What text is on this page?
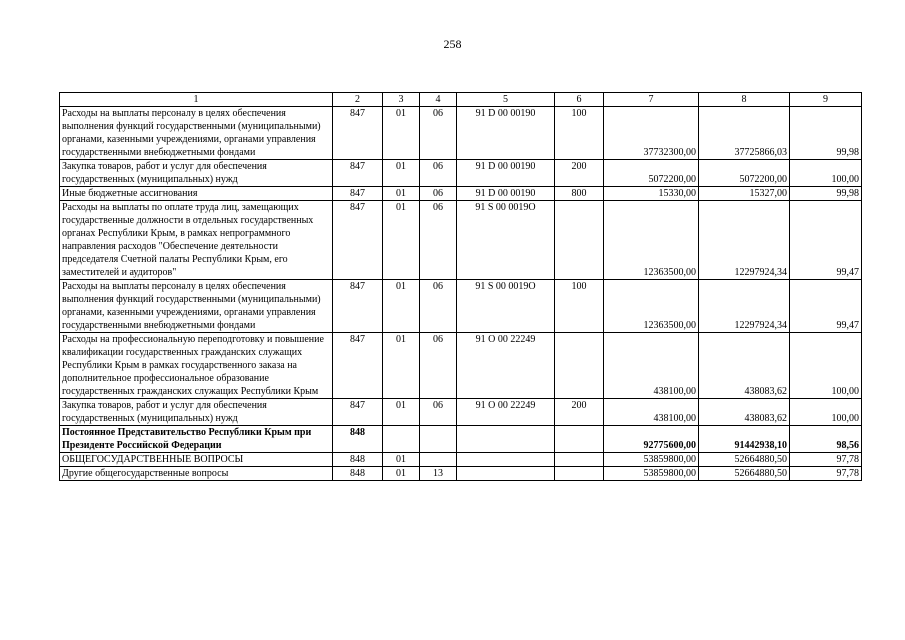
258
1	2	3	4	5	6	7	8	9
Расходы на выплаты персоналу в целях обеспечения выполнения функций государственными (муниципальными) органами, казенными учреждениями, органами управления государственными внебюджетными фондами	847	01	06	91 D 00 00190	100	37732300,00	37725866,03	99,98
Закупка товаров, работ и услуг для обеспечения государственных (муниципальных) нужд	847	01	06	91 D 00 00190	200	5072200,00	5072200,00	100,00
Иные бюджетные ассигнования	847	01	06	91 D 00 00190	800	15330,00	15327,00	99,98
Расходы на выплаты по оплате труда лиц, замещающих государственные должности в отдельных государственных органах Республики Крым, в рамках непрограммного направления расходов "Обеспечение деятельности председателя Счетной палаты Республики Крым, его заместителей и аудиторов"	847	01	06	91 S 00 0019О		12363500,00	12297924,34	99,47
Расходы на выплаты персоналу в целях обеспечения выполнения функций государственными (муниципальными) органами, казенными учреждениями, органами управления государственными внебюджетными фондами	847	01	06	91 S 00 0019О	100	12363500,00	12297924,34	99,47
Расходы на профессиональную переподготовку и повышение квалификации государственных гражданских служащих Республики Крым в рамках государственного заказа на дополнительное профессиональное образование государственных гражданских служащих Республики Крым	847	01	06	91 О 00 22249		438100,00	438083,62	100,00
Закупка товаров, работ и услуг для обеспечения государственных (муниципальных) нужд	847	01	06	91 О 00 22249	200	438100,00	438083,62	100,00
Постоянное Представительство Республики Крым при Президенте Российской Федерации	848					92775600,00	91442938,10	98,56
ОБЩЕГОСУДАРСТВЕННЫЕ ВОПРОСЫ	848	01				53859800,00	52664880,50	97,78
Другие общегосударственные вопросы	848	01	13			53859800,00	52664880,50	97,78
